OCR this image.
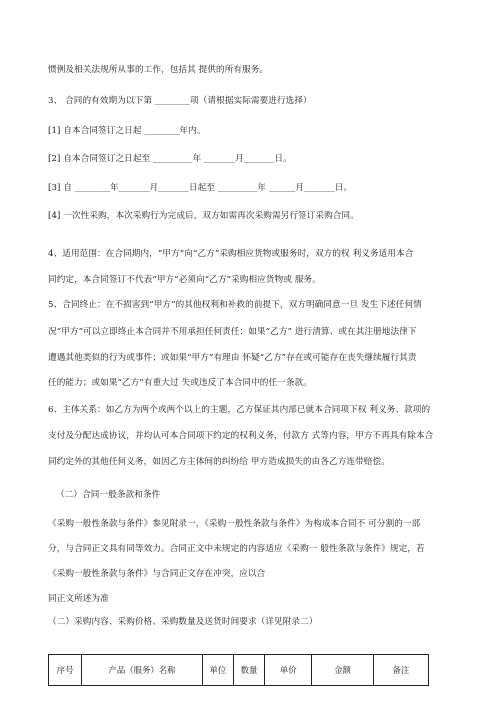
惯例及相关法规所从事的工作，包括其 提供的所有服务。
3、 合同的有效期为以下第 ________项（请根据实际需要进行选择）
[1] 自本合同签订之日起 ________年内。
[2] 自本合同签订之日起至 _________年 _______月_______日。
[3] 自 ________年_______月_______日起至 _________年 ______月_______日。
[4] 一次性采购，本次采购行为完成后，双方如需再次采购需另行签订采购合同。
4、适用范围：在合同期内，“甲方”向“乙方”采购相应货物或服务时，双方的权 利义务适用本合
同约定，本合同签订不代表“甲方”必须向“乙方”采购相应货物或 服务。
5、合同终止：在不损害到“甲方”的其他权利和补救的前提下，双方明确同意一旦 发生下述任何情
况“甲方”可以立即终止本合同并不用承担任何责任：如果“乙方” 进行清算、或在其注册地法律下
遭遇其他类似的行为或事件；或如果“甲方”有理由 怀疑“乙方”存在或可能存在丧失继续履行其责
任的能力；或如果“乙方”有重大过 失或违反了本合同中的任一条款。
6、主体关系：如乙方为两个或两个以上的主题，乙方保证其内部已就本合同项下权 利义务、款项的
支付及分配达成协议，并均认可本合同项下约定的权利义务，付款方 式等内容，甲方不再具有除本合
同约定外的其他任何义务，如因乙方主体间的纠纷给 甲方造成损失的由各乙方连带赔偿。
（二）合同一般条款和条件
《采购一般性条款与条件》参见附录一，《采购一般性条款与条件》为构成本合同不 可分割的一部
分，与合同正文具有同等效力。合同正文中未规定的内容适应《采购一 般性条款与条件》规定，若
《采购一般性条款与条件》与合同正文存在冲突，应以合
同正文所述为准
（二）采购内容、采购价格、采购数量及送货时间要求（详见附录二）
序号	产品（服务）名称	单位	数量	单价	金额	备注
